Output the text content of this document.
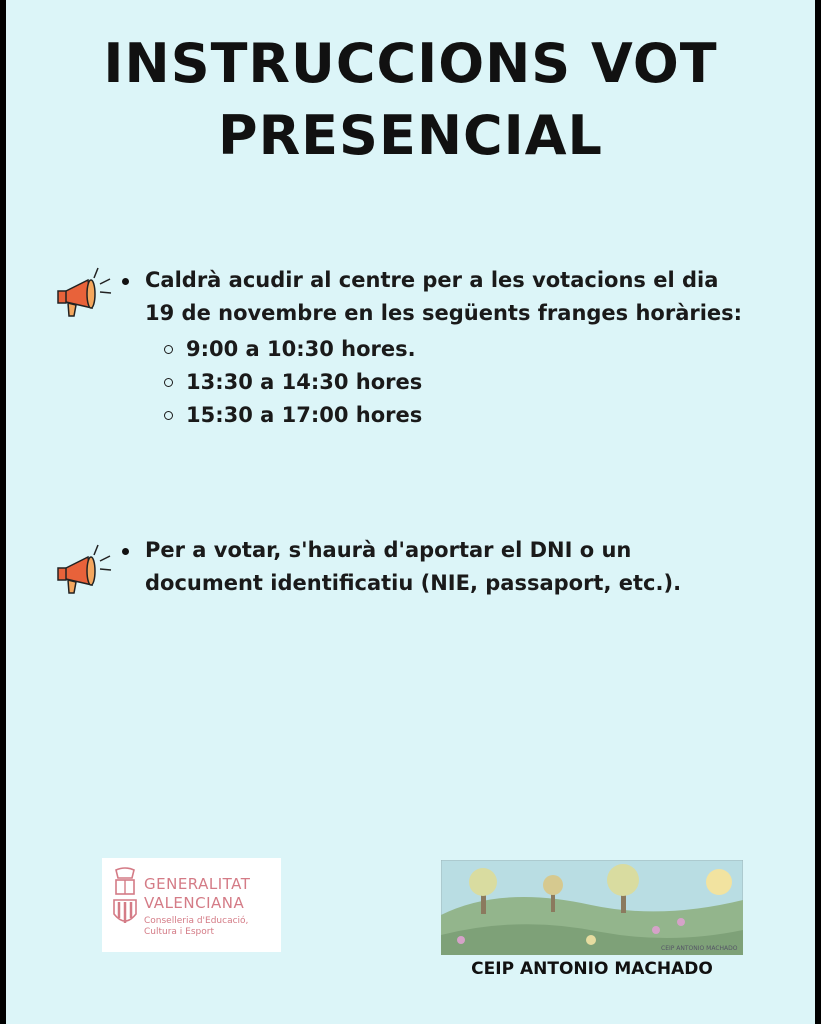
INSTRUCCIONS VOT
PRESENCIAL
Caldrà acudir al centre per a les votacions el dia
19 de novembre en les següents franges horàries:
9:00 a 10:30 hores.
13:30 a 14:30 hores
15:30 a 17:00 hores
Per a votar, s'haurà d'aportar el DNI o un
document identificatiu (NIE, passaport, etc.).
GENERALITAT
VALENCIANA
Conselleria d'Educació,
Cultura i Esport
CEIP ANTONIO MACHADO
CEIP ANTONIO MACHADO
